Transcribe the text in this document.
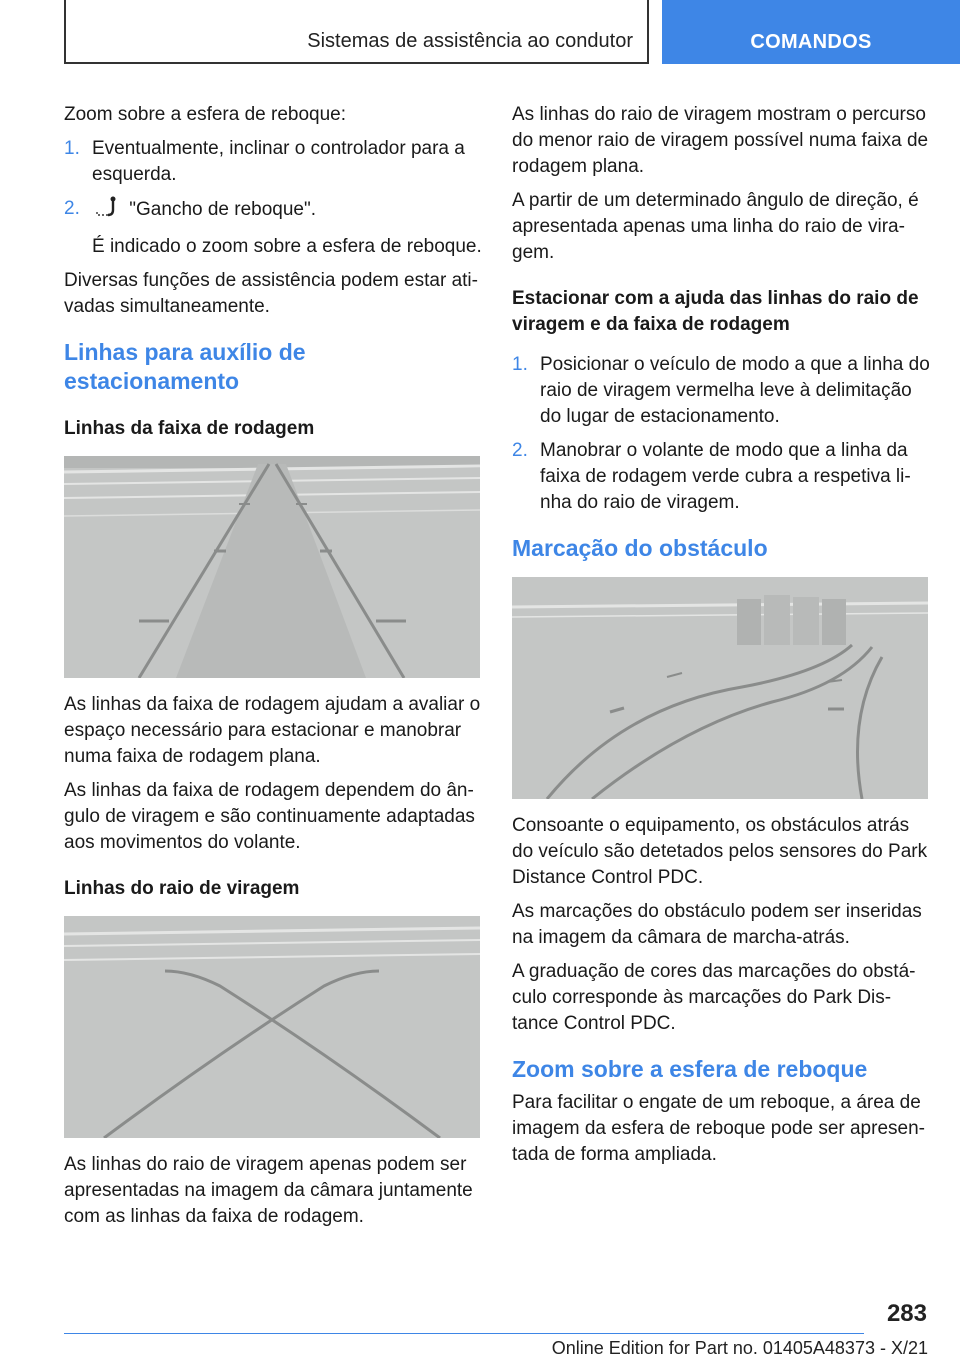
Sistemas de assistência ao condutor	COMANDOS

Zoom sobre a esfera de reboque:

1. Eventualmente, inclinar o controlador para a esquerda.
2.	"Gancho de reboque".

É indicado o zoom sobre a esfera de reboque.

Diversas funções de assistência podem estar ativadas simultaneamente.

Linhas para auxílio de estacionamento
Linhas da faixa de rodagem

As linhas da faixa de rodagem ajudam a avaliar o espaço necessário para estacionar e manobrar numa faixa de rodagem plana.

As linhas da faixa de rodagem dependem do ângulo de viragem e são continuamente adaptadas aos movimentos do volante.

Linhas do raio de viragem

As linhas do raio de viragem apenas podem ser apresentadas na imagem da câmara juntamente com as linhas da faixa de rodagem.

As linhas do raio de viragem mostram o percurso do menor raio de viragem possível numa faixa de rodagem plana.

A partir de um determinado ângulo de direção, é apresentada apenas uma linha do raio de viragem.

Estacionar com a ajuda das linhas do raio de viragem e da faixa de rodagem
1. Posicionar o veículo de modo a que a linha do raio de viragem vermelha leve à delimitação do lugar de estacionamento.
2. Manobrar o volante de modo que a linha da faixa de rodagem verde cubra a respetiva linha do raio de viragem.
Marcação do obstáculo

Consoante o equipamento, os obstáculos atrás do veículo são detetados pelos sensores do Park Distance Control PDC.

As marcações do obstáculo podem ser inseridas na imagem da câmara de marcha-atrás.

A graduação de cores das marcações do obstáculo corresponde às marcações do Park Distance Control PDC.

Zoom sobre a esfera de reboque

Para facilitar o engate de um reboque, a área de imagem da esfera de reboque pode ser apresentada de forma ampliada.

283
Online Edition for Part no. 01405A48373 - X/21
